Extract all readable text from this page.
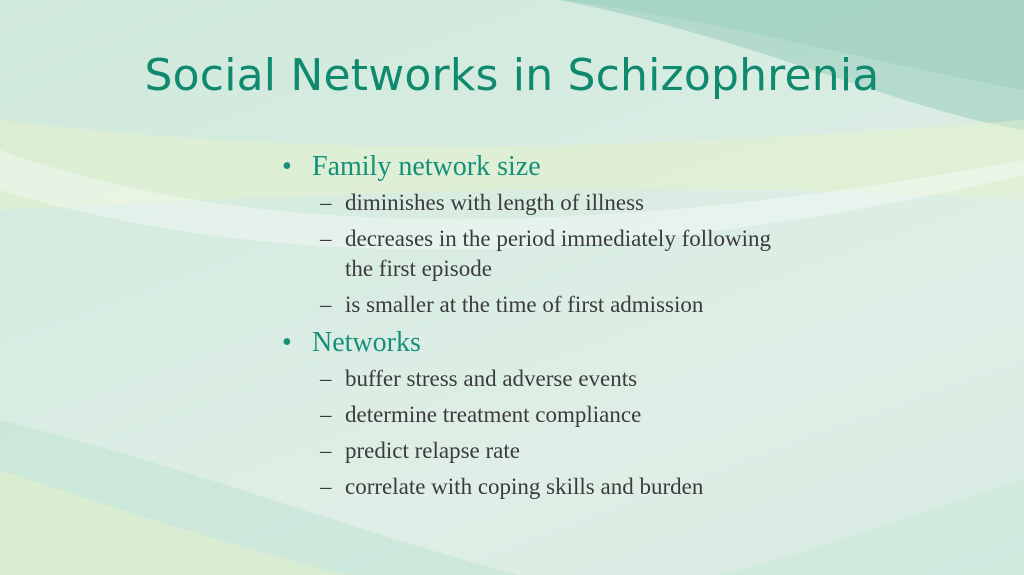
Social Networks in Schizophrenia
• Family network size
– diminishes with length of illness
– decreases in the period immediately following the first episode
– is smaller at the time of first admission
• Networks
– buffer stress and adverse events
– determine treatment compliance
– predict relapse rate
– correlate with coping skills and burden
